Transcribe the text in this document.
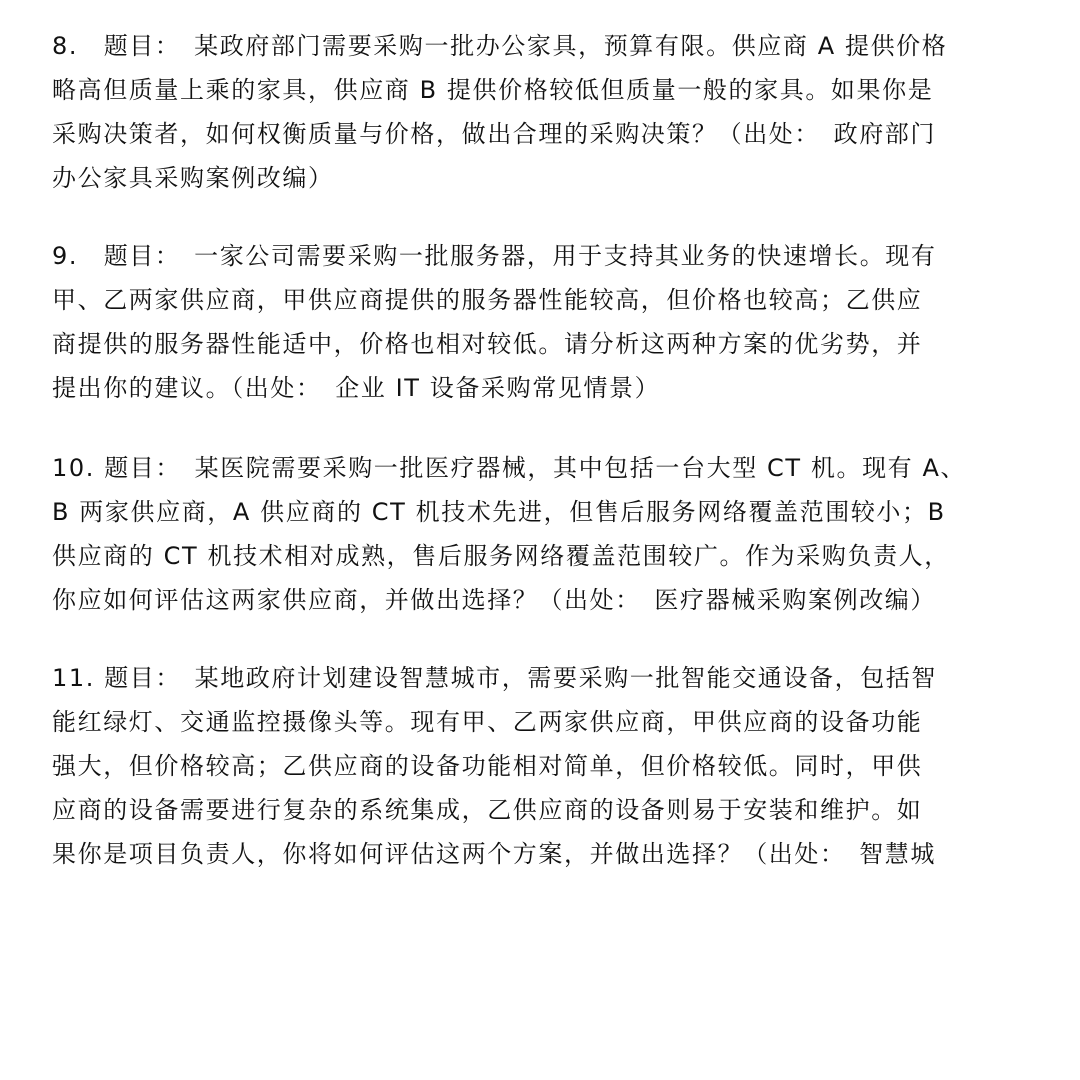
8.　题目：　某政府部门需要采购一批办公家具，预算有限。供应商 A 提供价格
略高但质量上乘的家具，供应商 B 提供价格较低但质量一般的家具。如果你是
采购决策者，如何权衡质量与价格，做出合理的采购决策？（出处：　政府部门
办公家具采购案例改编）
9.　题目：　一家公司需要采购一批服务器，用于支持其业务的快速增长。现有
甲、乙两家供应商，甲供应商提供的服务器性能较高，但价格也较高；乙供应
商提供的服务器性能适中，价格也相对较低。请分析这两种方案的优劣势，并
提出你的建议。（出处：　企业 IT 设备采购常见情景）
10. 题目：　某医院需要采购一批医疗器械，其中包括一台大型 CT 机。现有 A、
B 两家供应商，A 供应商的 CT 机技术先进，但售后服务网络覆盖范围较小；B
供应商的 CT 机技术相对成熟，售后服务网络覆盖范围较广。作为采购负责人，
你应如何评估这两家供应商，并做出选择？（出处：　医疗器械采购案例改编）
11. 题目：　某地政府计划建设智慧城市，需要采购一批智能交通设备，包括智
能红绿灯、交通监控摄像头等。现有甲、乙两家供应商，甲供应商的设备功能
强大，但价格较高；乙供应商的设备功能相对简单，但价格较低。同时，甲供
应商的设备需要进行复杂的系统集成，乙供应商的设备则易于安装和维护。如
果你是项目负责人，你将如何评估这两个方案，并做出选择？（出处：　智慧城
